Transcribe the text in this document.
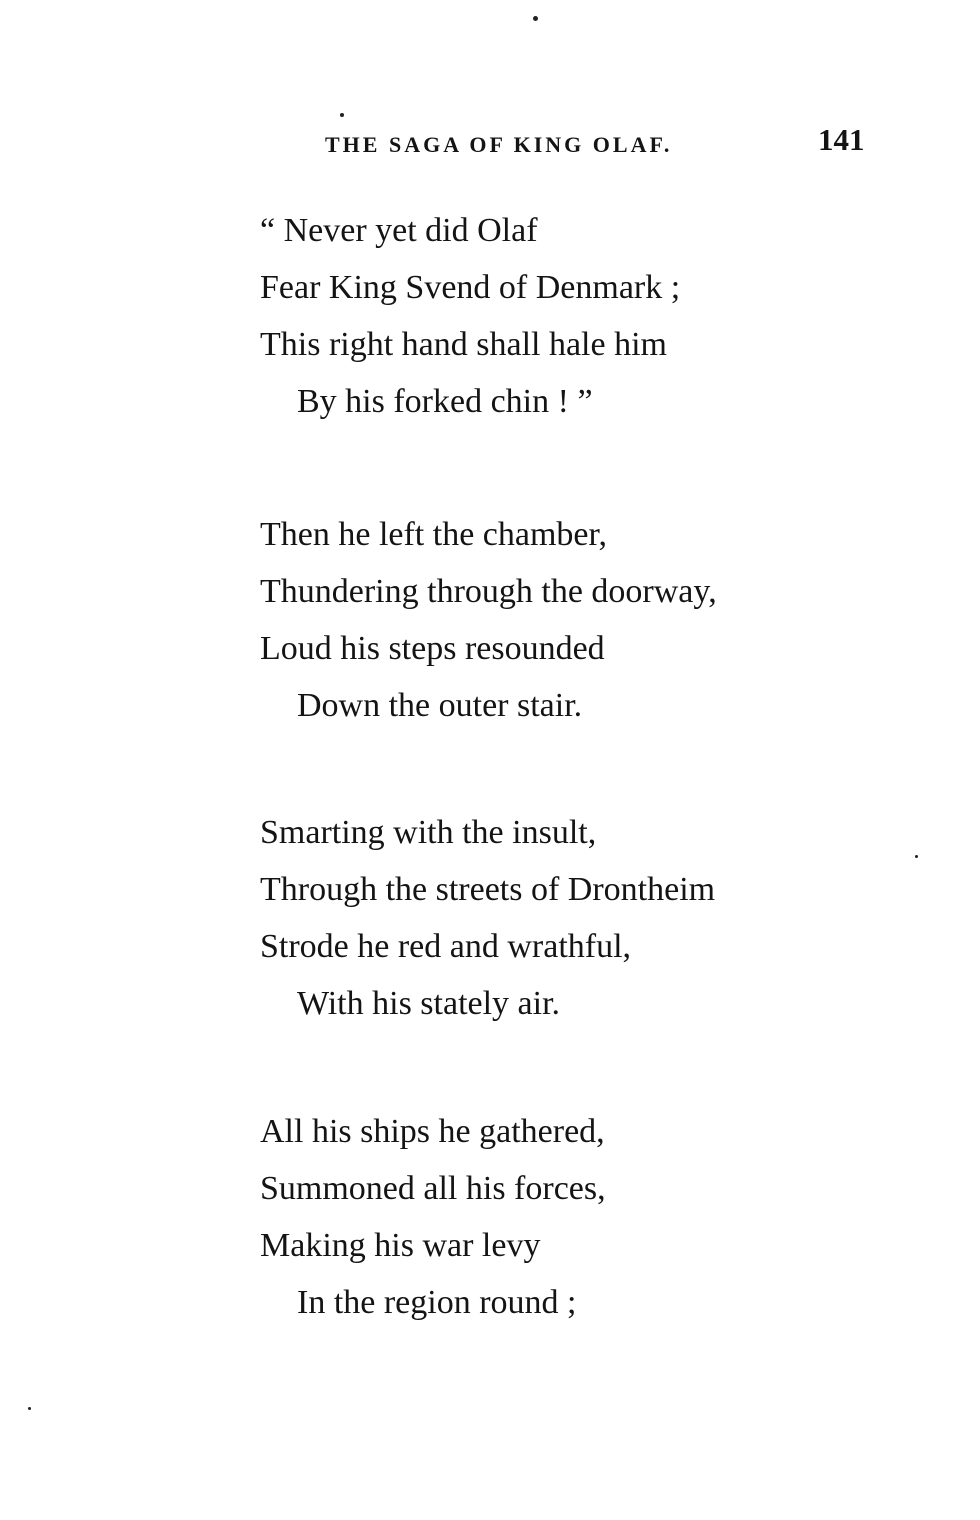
THE SAGA OF KING OLAF.	141
“ Never yet did Olaf
Fear King Svend of Denmark ;
This right hand shall hale him
By his forked chin ! ”
Then he left the chamber,
Thundering through the doorway,
Loud his steps resounded
Down the outer stair.
Smarting with the insult,
Through the streets of Drontheim
Strode he red and wrathful,
With his stately air.
All his ships he gathered,
Summoned all his forces,
Making his war levy
In the region round ;
